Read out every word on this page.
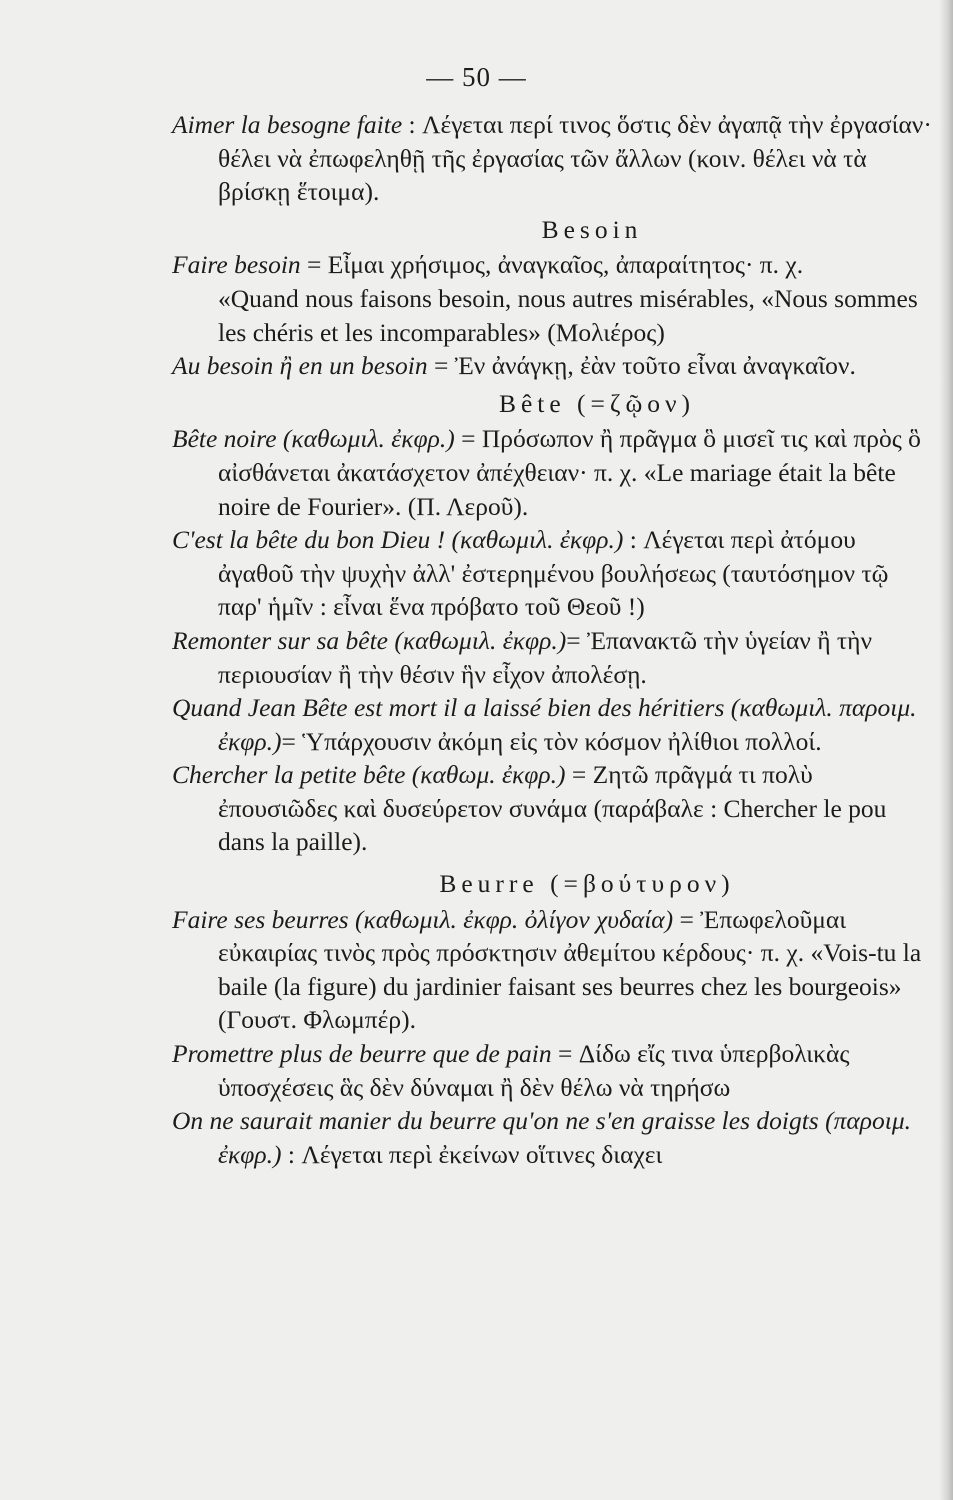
— 50 —

Aimer la besogne faite : Λέγεται περί τινος ὅστις δὲν ἀγαπᾷ τὴν ἐργασίαν· θέλει νὰ ἐπωφεληθῇ τῆς ἐργασίας τῶν ἄλλων (κοιν. θέλει νὰ τὰ βρίσκῃ ἕτοιμα).

Besoin

Faire besoin = Εἶμαι χρήσιμος, ἀναγκαῖος, ἀπαραίτητος· π. χ.

«Quand nous faisons besoin, nous autres misérables, «Nous sommes les chéris et les incomparables» (Μολιέρος)

Au besoin ἢ en un besoin = Ἐν ἀνάγκῃ, ἐὰν τοῦτο εἶναι ἀναγκαῖον.

Bête (=ζῷον)

Bête noire (καθωμιλ. ἐκφρ.) = Πρόσωπον ἢ πρᾶγμα ὃ μισεῖ τις καὶ πρὸς ὃ αἰσθάνεται ἀκατάσχετον ἀπέχθειαν· π. χ. «Le mariage était la bête noire de Fourier». (Π. Λεροῦ).

C'est la bête du bon Dieu ! (καθωμιλ. ἐκφρ.) : Λέγεται περὶ ἀτόμου ἀγαθοῦ τὴν ψυχὴν ἀλλ' ἐστερημένου βουλήσεως (ταυτόσημον τῷ παρ' ἡμῖν : εἶναι ἕνα πρόβατο τοῦ Θεοῦ !)

Remonter sur sa bête (καθωμιλ. ἐκφρ.)= Ἐπανακτῶ τὴν ὑγείαν ἢ τὴν περιουσίαν ἢ τὴν θέσιν ἣν εἶχον ἀπολέσῃ.

Quand Jean Bête est mort il a laissé bien des héritiers (καθωμιλ. παροιμ. ἐκφρ.)= Ὑπάρχουσιν ἀκόμη εἰς τὸν κόσμον ἠλίθιοι πολλοί.

Chercher la petite bête (καθωμ. ἐκφρ.) = Ζητῶ πρᾶγμά τι πολὺ ἐπουσιῶδες καὶ δυσεύρετον συνάμα (παράβαλε : Chercher le pou dans la paille).

Beurre (=βούτυρον)

Faire ses beurres (καθωμιλ. ἐκφρ. ὀλίγον χυδαία) = Ἐπωφελοῦμαι εὐκαιρίας τινὸς πρὸς πρόσκτησιν ἀθεμίτου κέρδους· π. χ. «Vois-tu la baile (la figure) du jardinier faisant ses beurres chez les bourgeois» (Γουστ. Φλωμπέρ).

Promettre plus de beurre que de pain = Δίδω εἴς τινα ὑπερβολικὰς ὑποσχέσεις ἃς δὲν δύναμαι ἢ δὲν θέλω νὰ τηρήσω

On ne saurait manier du beurre qu'on ne s'en graisse les doigts (παροιμ. ἐκφρ.) : Λέγεται περὶ ἐκείνων οἵτινες διαχει
